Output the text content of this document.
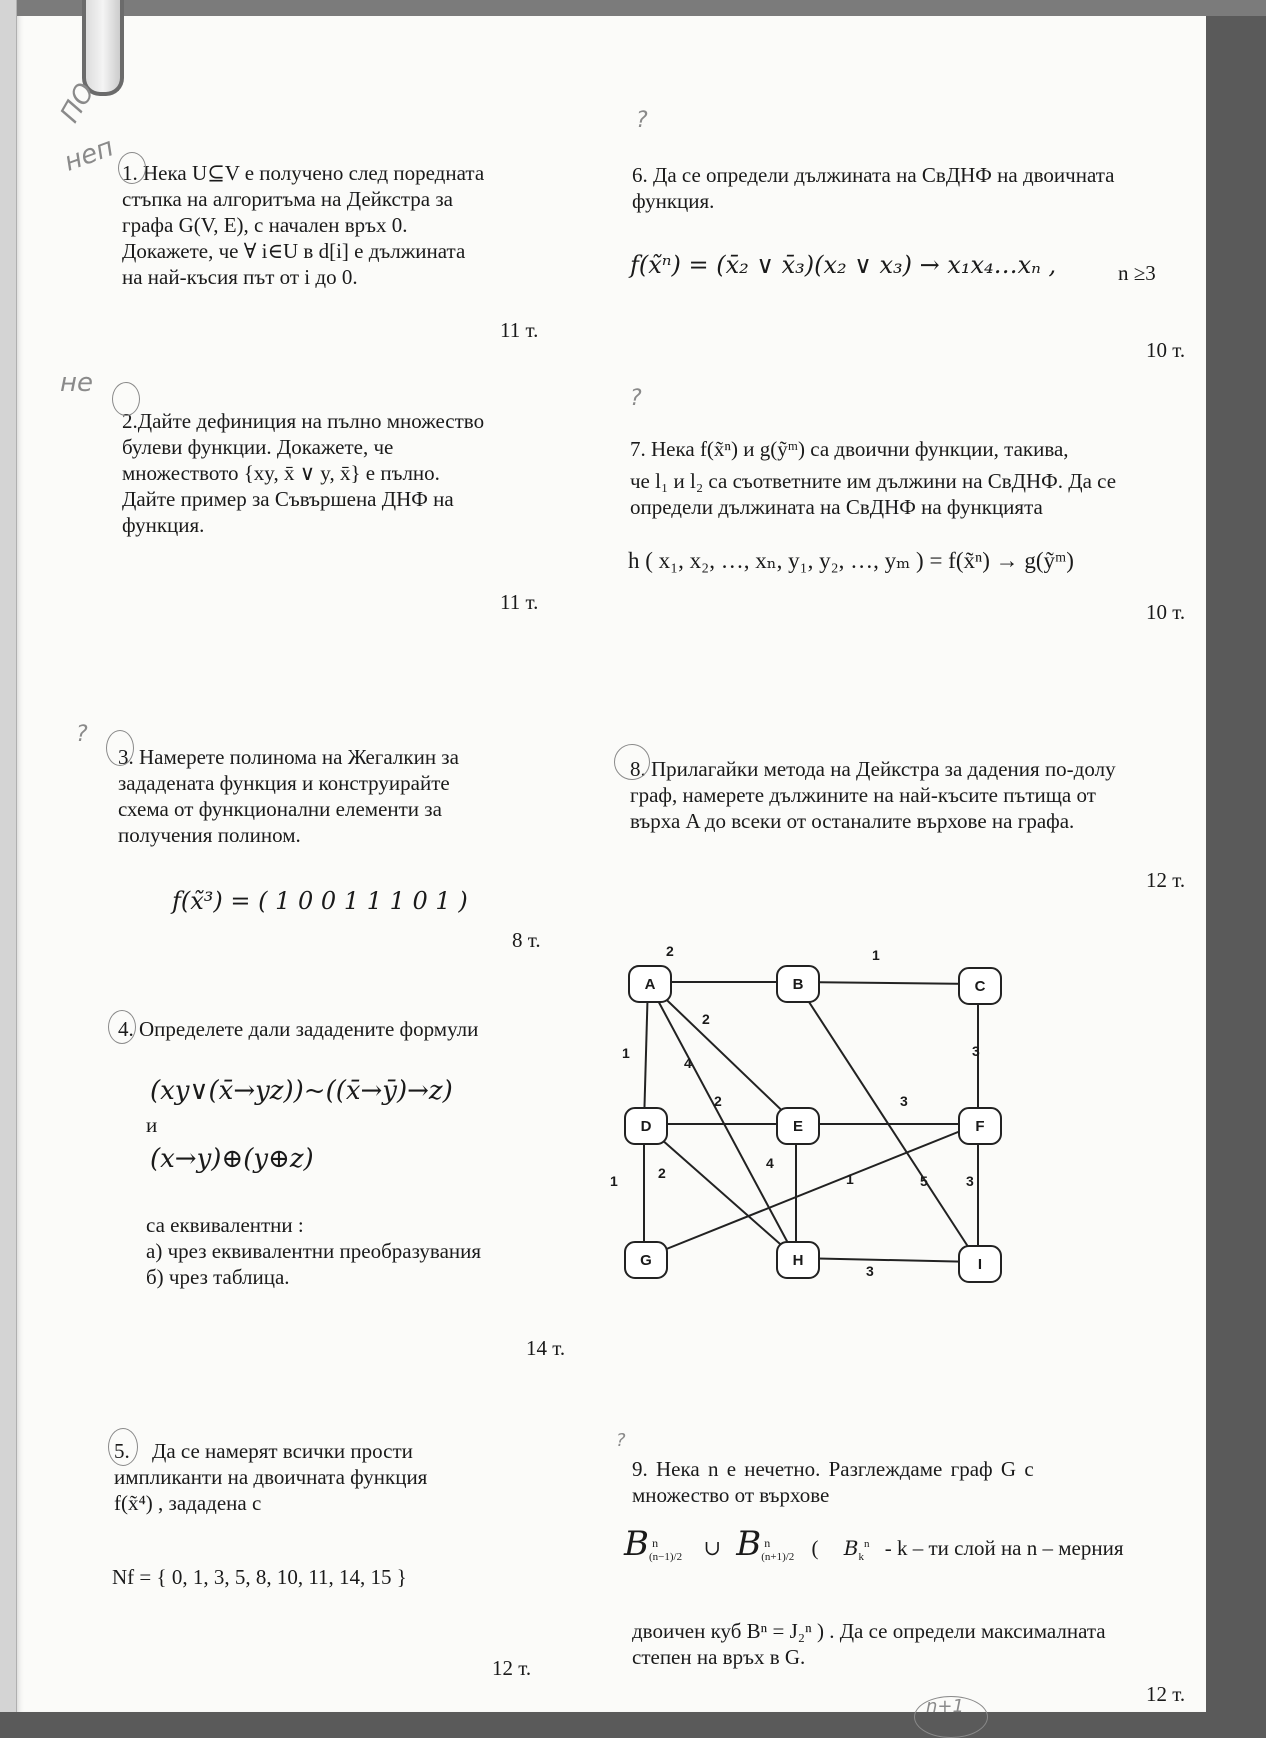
ПО
неп
не
?
?
?
?
n+1
1. Нека U⊆V е получено след поредната
стъпка на алгоритъма на Дейкстра за
графа G(V, E), с начален връх 0.
Докажете, че ∀ i∈U в d[i] е дължината
на най-късия път от i до 0.
11 т.
2.Дайте дефиниция на пълно множество
булеви функции. Докажете, че
множеството {xy, x̄ ∨ y, x̄} е пълно.
Дайте пример за Съвършена ДНФ на
функция.
11 т.
3. Намерете полинома на Жегалкин за
зададената функция и конструирайте
схема от функционални елементи за
получения полином.
f(x̃³) = ( 1 0 0 1 1 1 0 1 )
8 т.
4. Определете дали зададените формули
(xy∨(x̄→yz))~((x̄→ȳ)→z)
и
(x→y)⊕(y⊕z)
са еквивалентни :
а) чрез еквивалентни преобразувания
б) чрез таблица.
14 т.
5.	Да се намерят всички прости
импликанти на двоичната функция
f(x̃⁴) , зададена с
Nf = { 0, 1, 3, 5, 8, 10, 11, 14, 15 }
12 т.
6. Да се определи дължината на СвДНФ на двоичната
функция.
f(x̃ⁿ) = (x̄₂ ∨ x̄₃)(x₂ ∨ x₃) → x₁x₄…xₙ ,	n ≥3
10 т.
7. Нека f(x̃ⁿ) и g(ỹᵐ) са двоични функции, такива,
че l₁ и l₂ са съответните им дължини на СвДНФ. Да се
определи дължината на СвДНФ на функцията
h ( x₁, x₂, …, xₙ, y₁, y₂, …, yₘ ) = f(x̃ⁿ) → g(ỹᵐ)
10 т.
8. Прилагайки метода на Дейкстра за дадения по-долу
граф, намерете дължините на най-късите пътища от
върха A до всеки от останалите върхове на графа.
12 т.
A	B	C
D	E	F
G	H	I
2	1
1
2
4
3
2	3
1	2
4
1	5	3
3
9. Нека n е нечетно. Разглеждаме граф G с
множество от върхове
$B_{(n-1)/2}^n$ ∪ $B_{(n+1)/2}^n$ ( $B_k^n$ - k – ти слой на n – мерния
двоичен куб Bⁿ = J₂ⁿ ) . Да се определи максималната
степен на връх в G.
12 т.
